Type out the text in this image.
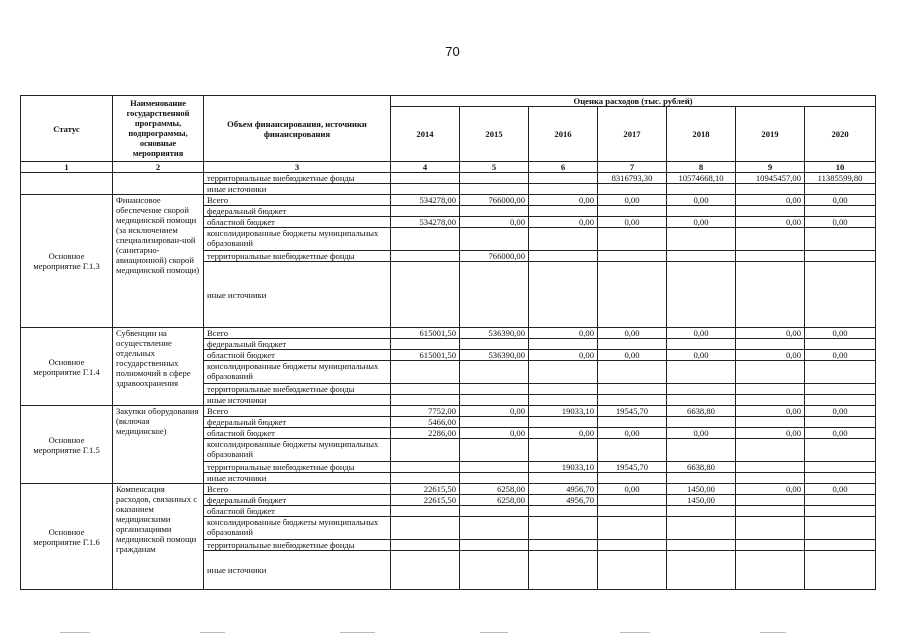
70
Статус	Наименование государственной программы, подпрограммы, основные мероприятия	Объем финансирования, источники финансирования	Оценка расходов (тыс. рублей)						
			2014	2015	2016	2017	2018	2019	2020
1	2	3	4	5	6	7	8	9	10
		территориальные внебюджетные фонды				8316793,30	10574668,10	10945457,00	11385599,80
		иные источники							
Основное мероприятие Г.1.3	Финансовое обеспечение скорой медицинской помощи (за исключением специализирован-ной (санитарно-авиационной) скорой медицинской помощи)	Всего	534278,00	766000,00	0,00	0,00	0,00	0,00	0,00
		федеральный бюджет							
		областной бюджет	534278,00	0,00	0,00	0,00	0,00	0,00	0,00
		консолидированные бюджеты муниципальных образований							
		территориальные внебюджетные фонды		766000,00					
		иные источники							
Основное мероприятие Г.1.4	Субвенции на осуществление отдельных государственных полномочий в сфере здравоохранения	Всего	615001,50	536390,00	0,00	0,00	0,00	0,00	0,00
		федеральный бюджет							
		областной бюджет	615001,50	536390,00	0,00	0,00	0,00	0,00	0,00
		консолидированные бюджеты муниципальных образований							
		территориальные внебюджетные фонды							
		иные источники							
Основное мероприятие Г.1.5	Закупки оборудования (включая медицинское)	Всего	7752,00	0,00	19033,10	19545,70	6638,80	0,00	0,00
		федеральный бюджет	5466,00						
		областной бюджет	2286,00	0,00	0,00	0,00	0,00	0,00	0,00
		консолидированные бюджеты муниципальных образований							
		территориальные внебюджетные фонды			19033,10	19545,70	6638,80		
		иные источники							
Основное мероприятие Г.1.6	Компенсация расходов, связанных с оказанием медицинскими организациями медицинской помощи гражданам	Всего	22615,50	6258,00	4956,70	0,00	1450,00	0,00	0,00
		федеральный бюджет	22615,50	6258,00	4956,70		1450,00		
		областной бюджет							
		консолидированные бюджеты муниципальных образований							
		территориальные внебюджетные фонды							
		иные источники							
